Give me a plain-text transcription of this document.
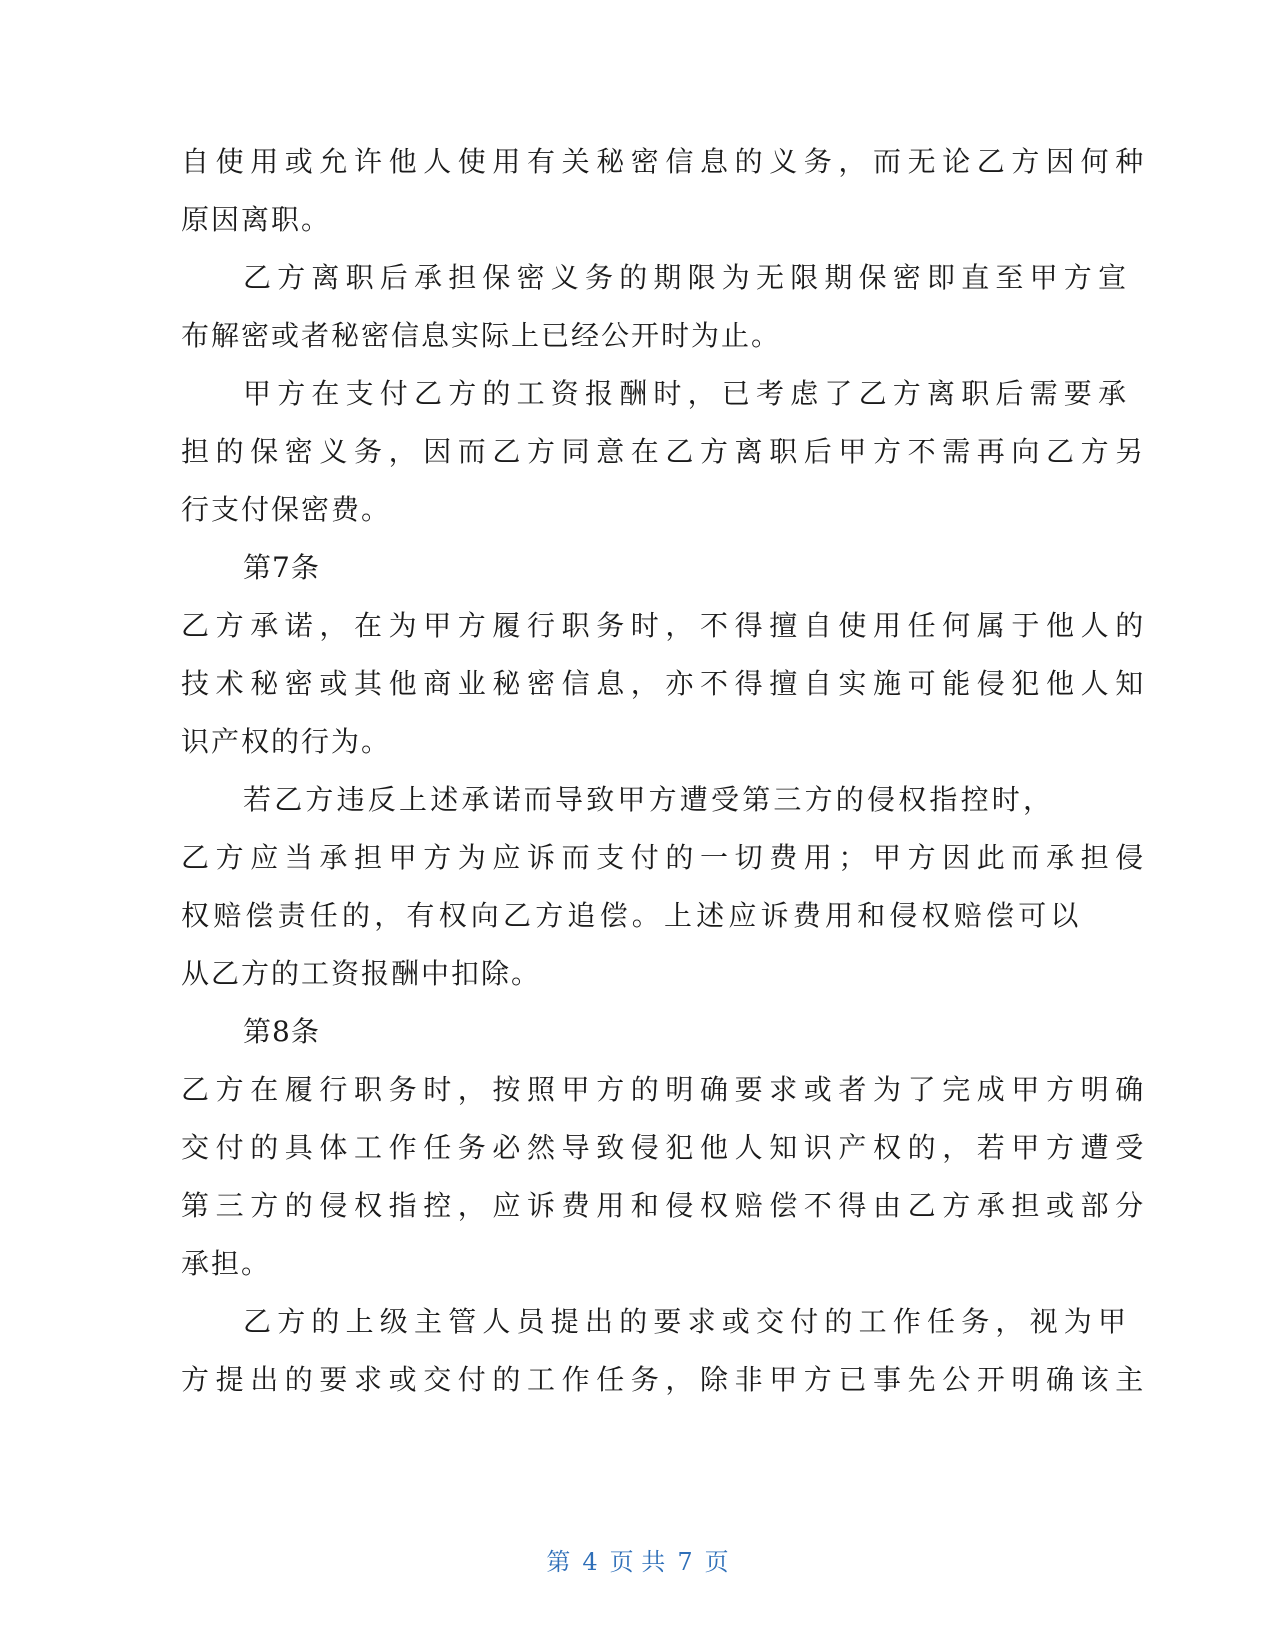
自使用或允许他人使用有关秘密信息的义务，而无论乙方因何种

原因离职。

乙方离职后承担保密义务的期限为无限期保密即直至甲方宣

布解密或者秘密信息实际上已经公开时为止。

甲方在支付乙方的工资报酬时，已考虑了乙方离职后需要承

担的保密义务，因而乙方同意在乙方离职后甲方不需再向乙方另

行支付保密费。

第7条

乙方承诺，在为甲方履行职务时，不得擅自使用任何属于他人的

技术秘密或其他商业秘密信息，亦不得擅自实施可能侵犯他人知

识产权的行为。

若乙方违反上述承诺而导致甲方遭受第三方的侵权指控时，

乙方应当承担甲方为应诉而支付的一切费用；甲方因此而承担侵

权赔偿责任的，有权向乙方追偿。上述应诉费用和侵权赔偿可以

从乙方的工资报酬中扣除。

第8条

乙方在履行职务时，按照甲方的明确要求或者为了完成甲方明确

交付的具体工作任务必然导致侵犯他人知识产权的，若甲方遭受

第三方的侵权指控，应诉费用和侵权赔偿不得由乙方承担或部分

承担。

乙方的上级主管人员提出的要求或交付的工作任务，视为甲

方提出的要求或交付的工作任务，除非甲方已事先公开明确该主

第 4 页 共 7 页
